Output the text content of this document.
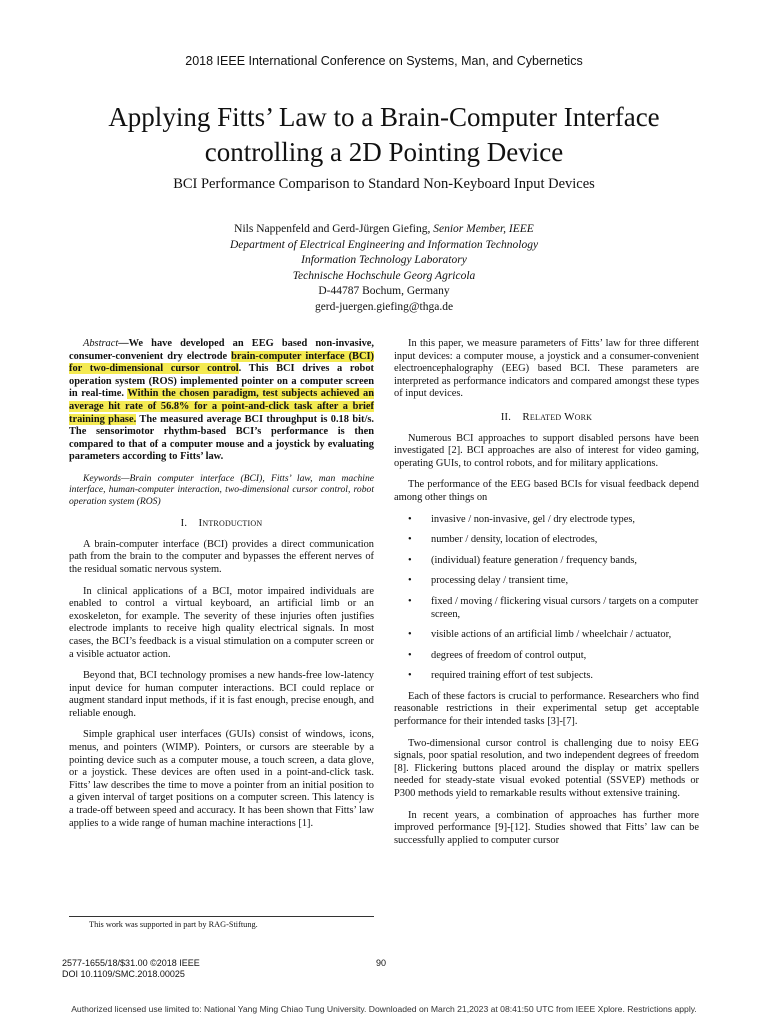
2018 IEEE International Conference on Systems, Man, and Cybernetics
Applying Fitts’ Law to a Brain-Computer Interface
controlling a 2D Pointing Device
BCI Performance Comparison to Standard Non-Keyboard Input Devices
Nils Nappenfeld and Gerd-Jürgen Giefing, Senior Member, IEEE
Department of Electrical Engineering and Information Technology
Information Technology Laboratory
Technische Hochschule Georg Agricola
D-44787 Bochum, Germany
gerd-juergen.giefing@thga.de

Abstract—We have developed an EEG based non-invasive, consumer-convenient dry electrode brain-computer interface (BCI) for two-dimensional cursor control. This BCI drives a robot operation system (ROS) implemented pointer on a computer screen in real-time. Within the chosen paradigm, test subjects achieved an average hit rate of 56.8% for a point-and-click task after a brief training phase. The measured average BCI throughput is 0.18 bit/s. The sensorimotor rhythm-based BCI’s performance is then compared to that of a computer mouse and a joystick by evaluating parameters according to Fitts’ law.

Keywords—Brain computer interface (BCI), Fitts’ law, man machine interface, human-computer interaction, two-dimensional cursor control, robot operation system (ROS)

I. Introduction

A brain-computer interface (BCI) provides a direct communication path from the brain to the computer and bypasses the efferent nerves of the residual somatic nervous system.

In clinical applications of a BCI, motor impaired individuals are enabled to control a virtual keyboard, an artificial limb or an exoskeleton, for example. The severity of these injuries often justifies electrode implants to receive high quality electrical signals. In most cases, the BCI’s feedback is a visual stimulation on a computer screen or a visible actuator action.

Beyond that, BCI technology promises a new hands-free low-latency input device for human computer interactions. BCI could replace or augment standard input methods, if it is fast enough, precise enough, and reliable enough.

Simple graphical user interfaces (GUIs) consist of windows, icons, menus, and pointers (WIMP). Pointers, or cursors are steerable by a pointing device such as a computer mouse, a touch screen, a data glove, or a joystick. These devices are often used in a point-and-click task. Fitts’ law describes the time to move a pointer from an initial position to a given interval of target positions on a computer screen. This latency is a trade-off between speed and accuracy. It has been shown that Fitts’ law applies to a wide range of human machine interactions [1].

This work was supported in part by RAG-Stiftung.

In this paper, we measure parameters of Fitts’ law for three different input devices: a computer mouse, a joystick and a consumer-convenient electroencephalography (EEG) based BCI. These parameters are interpreted as performance indicators and compared amongst these types of input devices.

II. Related Work

Numerous BCI approaches to support disabled persons have been investigated [2]. BCI approaches are also of interest for video gaming, operating GUIs, to control robots, and for military applications.

The performance of the EEG based BCIs for visual feedback depend among other things on

• invasive / non-invasive, gel / dry electrode types,
• number / density, location of electrodes,
• (individual) feature generation / frequency bands,
• processing delay / transient time,
• fixed / moving / flickering visual cursors / targets on a computer screen,
• visible actions of an artificial limb / wheelchair / actuator,
• degrees of freedom of control output,
• required training effort of test subjects.

Each of these factors is crucial to performance. Researchers who find reasonable restrictions in their experimental setup get acceptable performance for their intended tasks [3]-[7].

Two-dimensional cursor control is challenging due to noisy EEG signals, poor spatial resolution, and two independent degrees of freedom [8]. Flickering buttons placed around the display or matrix spellers needed for steady-state visual evoked potential (SSVEP) methods or P300 methods yield to remarkable results without extensive training.

In recent years, a combination of approaches has further more improved performance [9]-[12]. Studies showed that Fitts’ law can be successfully applied to computer cursor

2577-1655/18/$31.00 ©2018 IEEE
DOI 10.1109/SMC.2018.00025
90
Authorized licensed use limited to: National Yang Ming Chiao Tung University. Downloaded on March 21,2023 at 08:41:50 UTC from IEEE Xplore. Restrictions apply.
